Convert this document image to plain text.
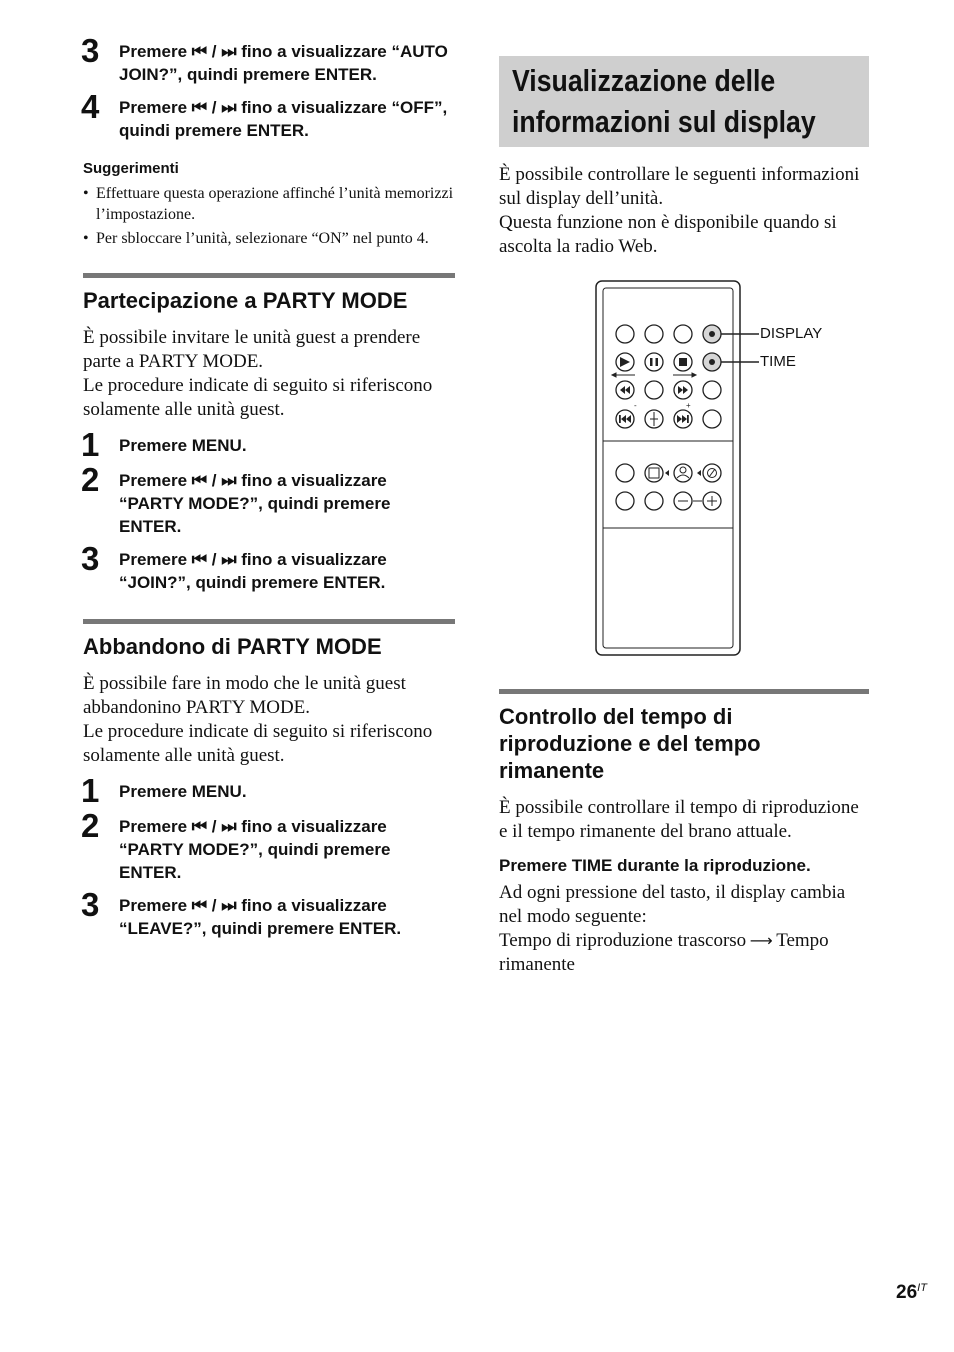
3 Premere ⏮ / ⏭ fino a visualizzare “AUTO JOIN?”, quindi premere ENTER.
4 Premere ⏮ / ⏭ fino a visualizzare “OFF”, quindi premere ENTER.
Suggerimenti
• Effettuare questa operazione affinché l’unità memorizzi l’impostazione.
• Per sbloccare l’unità, selezionare “ON” nel punto 4.
Partecipazione a PARTY MODE
È possibile invitare le unità guest a prendere parte a PARTY MODE.
Le procedure indicate di seguito si riferiscono solamente alle unità guest.
1 Premere MENU.
2 Premere ⏮ / ⏭ fino a visualizzare “PARTY MODE?”, quindi premere ENTER.
3 Premere ⏮ / ⏭ fino a visualizzare “JOIN?”, quindi premere ENTER.
Abbandono di PARTY MODE
È possibile fare in modo che le unità guest abbandonino PARTY MODE.
Le procedure indicate di seguito si riferiscono solamente alle unità guest.
1 Premere MENU.
2 Premere ⏮ / ⏭ fino a visualizzare “PARTY MODE?”, quindi premere ENTER.
3 Premere ⏮ / ⏭ fino a visualizzare “LEAVE?”, quindi premere ENTER.
Visualizzazione delle informazioni sul display
È possibile controllare le seguenti informazioni sul display dell’unità.
Questa funzione non è disponibile quando si ascolta la radio Web.
-	+
DISPLAY
TIME
Controllo del tempo di riproduzione e del tempo rimanente
È possibile controllare il tempo di riproduzione e il tempo rimanente del brano attuale.
Premere TIME durante la riproduzione.
Ad ogni pressione del tasto, il display cambia nel modo seguente:
Tempo di riproduzione trascorso ⟶ Tempo rimanente
$26^{IT}$
